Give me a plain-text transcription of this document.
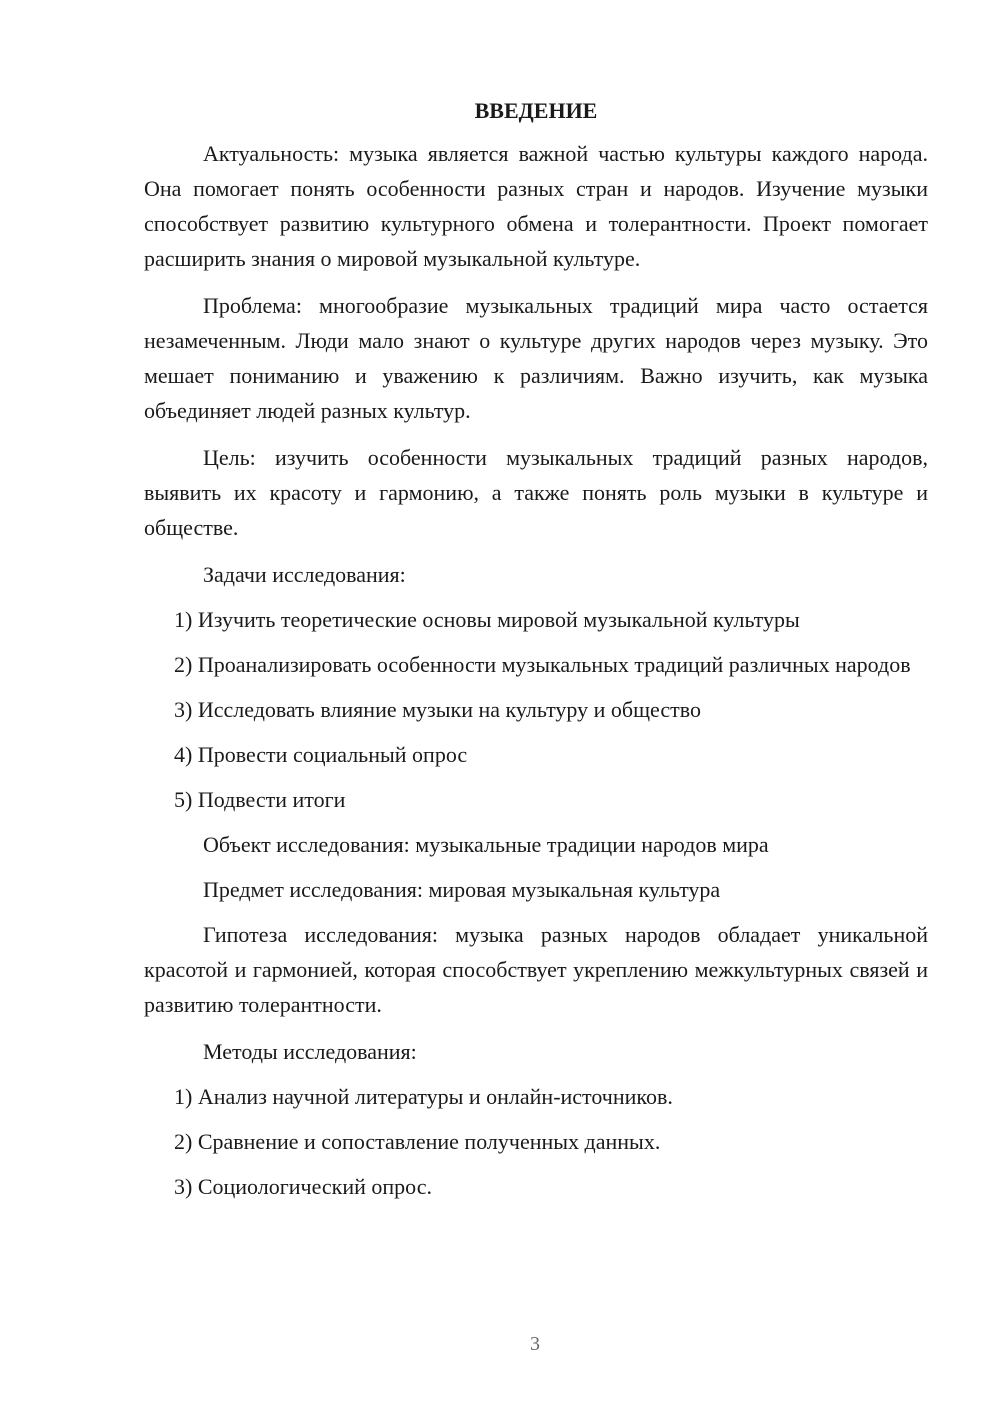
ВВЕДЕНИЕ

Актуальность: музыка является важной частью культуры каждого народа. Она помогает понять особенности разных стран и народов. Изучение музыки способствует развитию культурного обмена и толерантности. Проект помогает расширить знания о мировой музыкальной культуре.

Проблема: многообразие музыкальных традиций мира часто остается незамеченным. Люди мало знают о культуре других народов через музыку. Это мешает пониманию и уважению к различиям. Важно изучить, как музыка объединяет людей разных культур.

Цель: изучить особенности музыкальных традиций разных народов, выявить их красоту и гармонию, а также понять роль музыки в культуре и обществе.

Задачи исследования:

1) Изучить теоретические основы мировой музыкальной культуры

2) Проанализировать особенности музыкальных традиций различных народов

3) Исследовать влияние музыки на культуру и общество

4) Провести социальный опрос

5) Подвести итоги

Объект исследования: музыкальные традиции народов мира

Предмет исследования: мировая музыкальная культура

Гипотеза исследования: музыка разных народов обладает уникальной красотой и гармонией, которая способствует укреплению межкультурных связей и развитию толерантности.

Методы исследования:

1) Анализ научной литературы и онлайн-источников.

2) Сравнение и сопоставление полученных данных.

3) Социологический опрос.

3
